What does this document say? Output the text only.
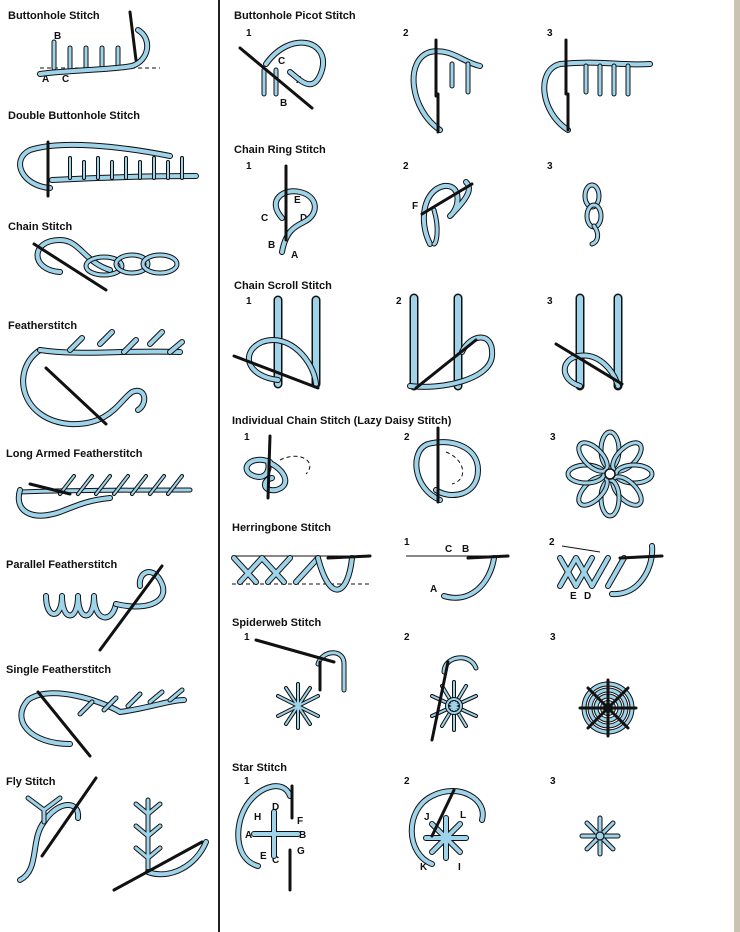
Buttonhole Stitch
Double Buttonhole Stitch
Chain Stitch
Featherstitch
Long Armed Featherstitch
Parallel Featherstitch
Single Featherstitch
Fly Stitch
B
A C
Buttonhole Picot Stitch
Chain Ring Stitch
Chain Scroll Stitch
Individual Chain Stitch (Lazy Daisy Stitch)
Herringbone Stitch
Spiderweb Stitch
Star Stitch
1	2	3
C
A
B
1	2	3
E
C	D
B
A
F
1	2	3
1	2	3
1	2
C B
A
E D
1	2	3
1	2	3
D
H	F
A	B
E C
G
J	L
K	I
